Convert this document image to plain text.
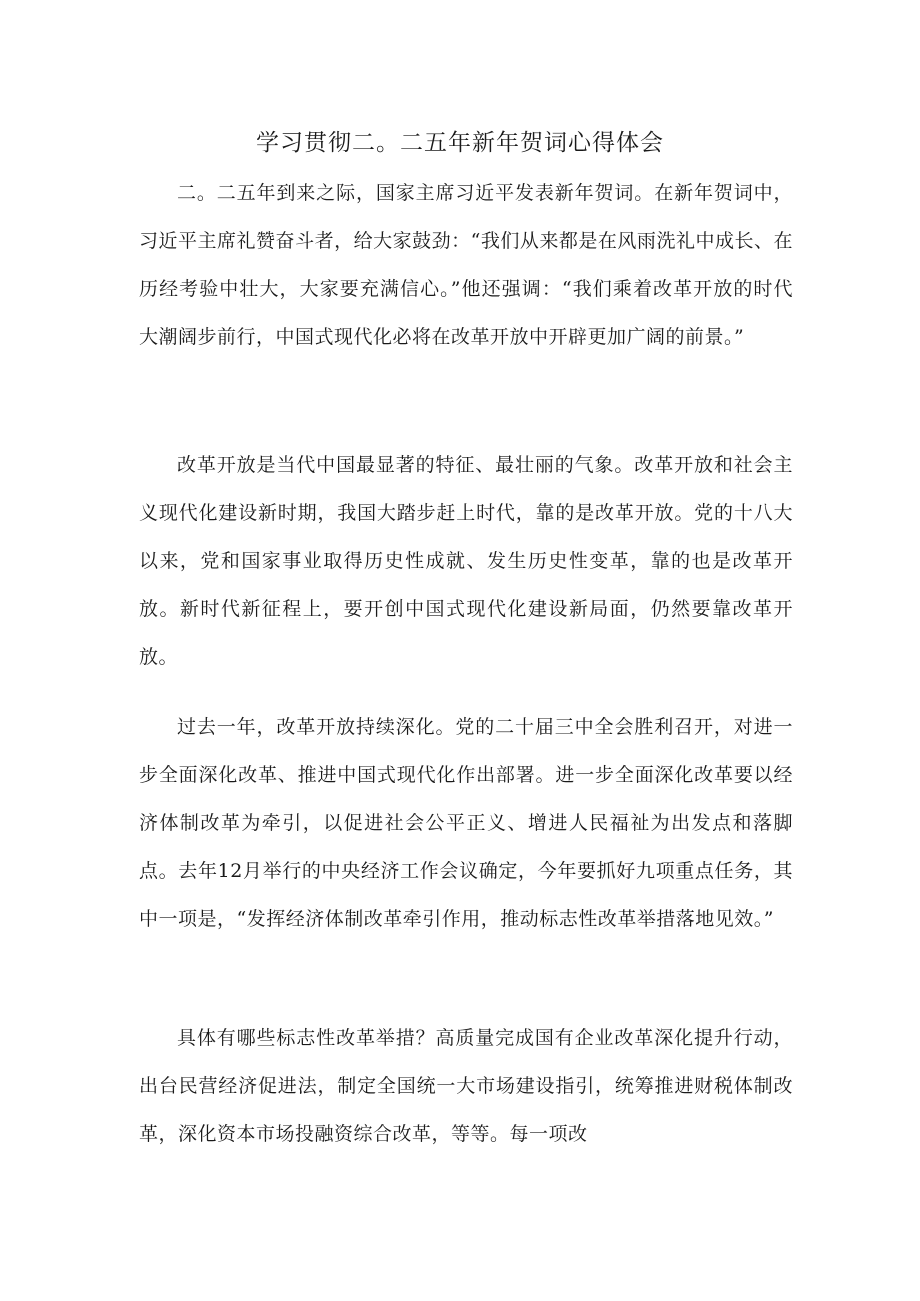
学习贯彻二。二五年新年贺词心得体会

二。二五年到来之际，国家主席习近平发表新年贺词。在新年贺词中，习近平主席礼赞奋斗者，给大家鼓劲：“我们从来都是在风雨洗礼中成长、在历经考验中壮大，大家要充满信心。”他还强调：“我们乘着改革开放的时代大潮阔步前行，中国式现代化必将在改革开放中开辟更加广阔的前景。”

改革开放是当代中国最显著的特征、最壮丽的气象。改革开放和社会主义现代化建设新时期，我国大踏步赶上时代，靠的是改革开放。党的十八大以来，党和国家事业取得历史性成就、发生历史性变革，靠的也是改革开放。新时代新征程上，要开创中国式现代化建设新局面，仍然要靠改革开放。

过去一年，改革开放持续深化。党的二十届三中全会胜利召开，对进一步全面深化改革、推进中国式现代化作出部署。进一步全面深化改革要以经济体制改革为牵引，以促进社会公平正义、增进人民福祉为出发点和落脚点。去年12月举行的中央经济工作会议确定，今年要抓好九项重点任务，其中一项是，“发挥经济体制改革牵引作用，推动标志性改革举措落地见效。”

具体有哪些标志性改革举措？高质量完成国有企业改革深化提升行动，出台民营经济促进法，制定全国统一大市场建设指引，统筹推进财税体制改革，深化资本市场投融资综合改革，等等。每一项改
